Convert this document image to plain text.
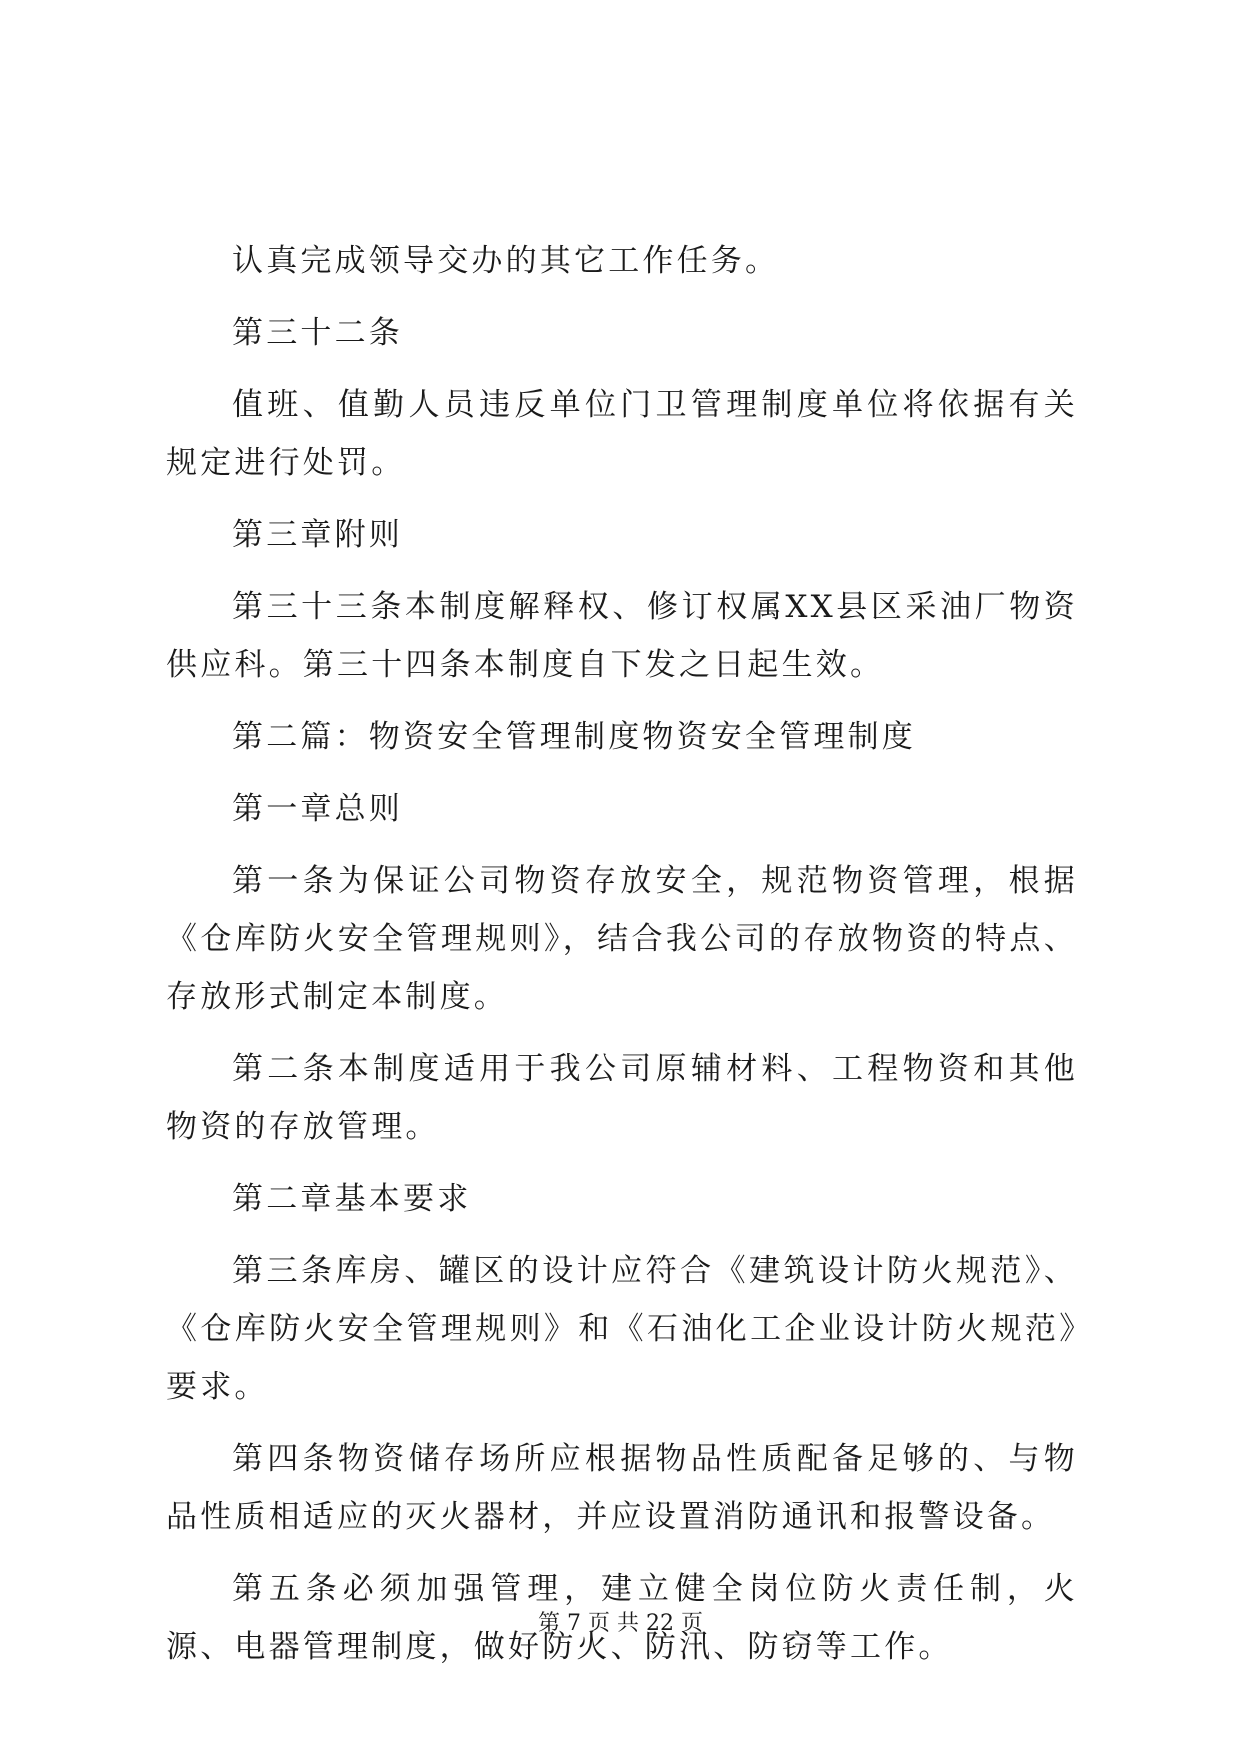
认真完成领导交办的其它工作任务。

第三十二条

值班、值勤人员违反单位门卫管理制度单位将依据有关规定进行处罚。

第三章附则

第三十三条本制度解释权、修订权属XX县区采油厂物资供应科。第三十四条本制度自下发之日起生效。

第二篇：物资安全管理制度物资安全管理制度

第一章总则

第一条为保证公司物资存放安全，规范物资管理，根据《仓库防火安全管理规则》，结合我公司的存放物资的特点、存放形式制定本制度。

第二条本制度适用于我公司原辅材料、工程物资和其他物资的存放管理。

第二章基本要求

第三条库房、罐区的设计应符合《建筑设计防火规范》、《仓库防火安全管理规则》和《石油化工企业设计防火规范》要求。

第四条物资储存场所应根据物品性质配备足够的、与物品性质相适应的灭火器材，并应设置消防通讯和报警设备。

第五条必须加强管理，建立健全岗位防火责任制，火源、电器管理制度，做好防火、防汛、防窃等工作。

第 7 页 共 22 页
